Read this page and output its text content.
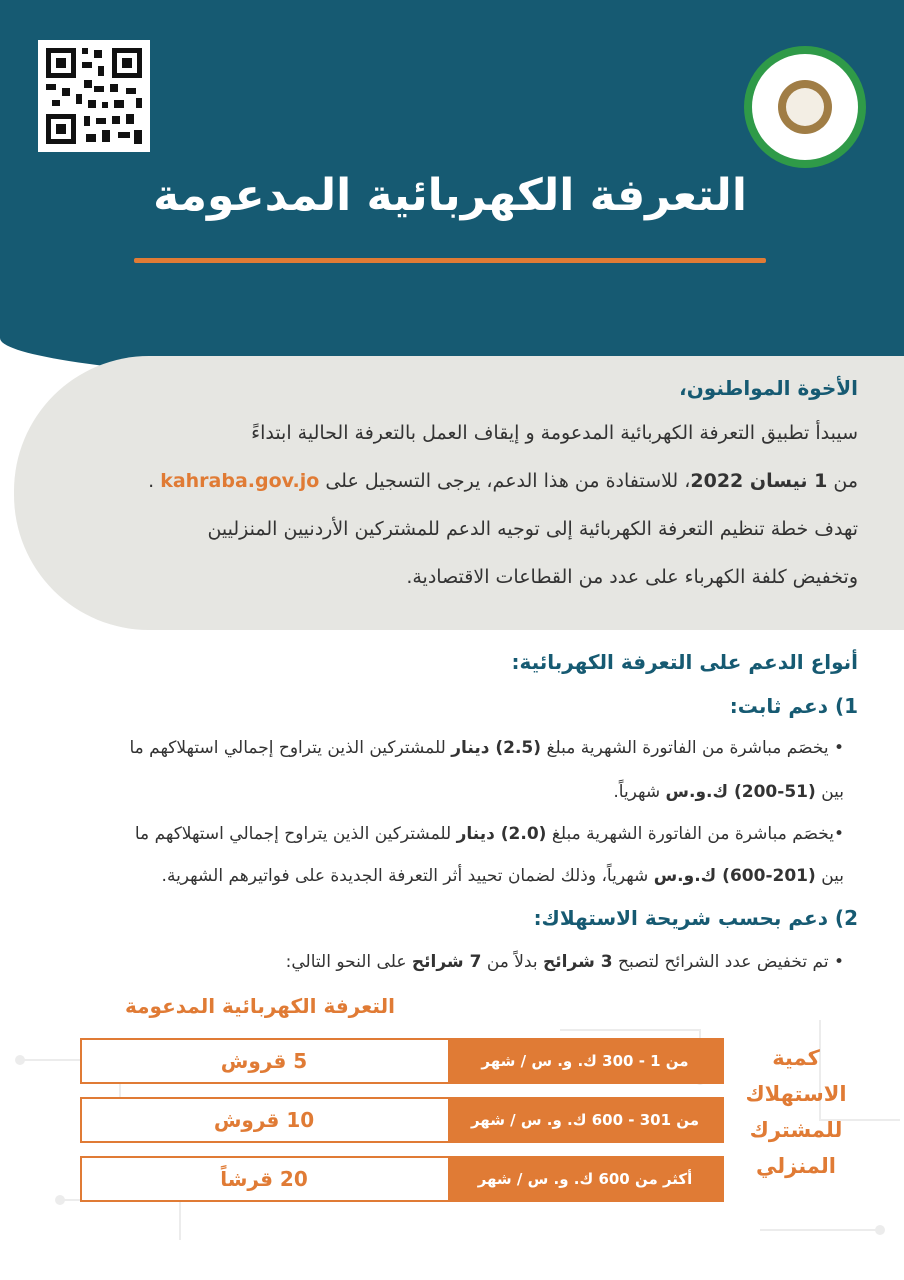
التعرفة الكهربائية المدعومة
الأخوة المواطنون،
سيبدأ تطبيق التعرفة الكهربائية المدعومة و إيقاف العمل بالتعرفة الحالية ابتداءً
من 1 نيسان 2022، للاستفادة من هذا الدعم، يرجى التسجيل على kahraba.gov.jo .
تهدف خطة تنظيم التعرفة الكهربائية إلى توجيه الدعم للمشتركين الأردنيين المنزليين
وتخفيض كلفة الكهرباء على عدد من القطاعات الاقتصادية.
أنواع الدعم على التعرفة الكهربائية:
1) دعم ثابت:
• يخصَم مباشرة من الفاتورة الشهرية مبلغ (2.5) دينار للمشتركين الذين يتراوح إجمالي استهلاكهم ما
بين (51-200) ك.و.س شهرياً.
•يخصَم مباشرة من الفاتورة الشهرية مبلغ (2.0) دينار للمشتركين الذين يتراوح إجمالي استهلاكهم ما
بين (201-600) ك.و.س شهرياً، وذلك لضمان تحييد أثر التعرفة الجديدة على فواتيرهم الشهرية.
2) دعم بحسب شريحة الاستهلاك:
• تم تخفيض عدد الشرائح لتصبح 3 شرائح بدلاً من 7 شرائح على النحو التالي:
التعرفة الكهربائية المدعومة
من 1 - 300 ك. و. س / شهر
5 قروش
من 301 - 600 ك. و. س / شهر
10 قروش
أكثر من 600 ك. و. س / شهر
20 قرشاً
كمية
الاستهلاك
للمشترك
المنزلي
